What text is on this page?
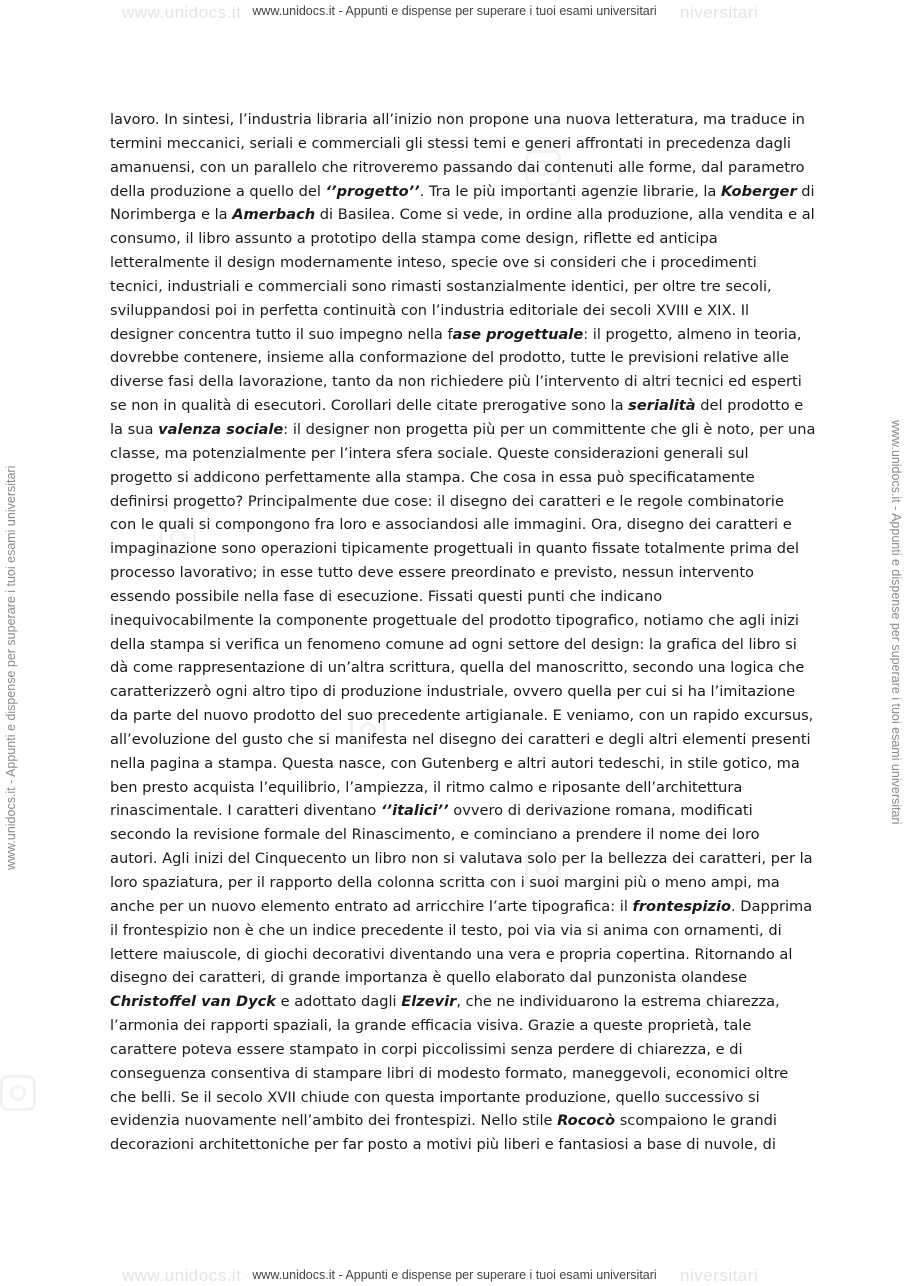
www.unidocs.it	niversitari
www.unidocs.it	niversitari
www.unidocs.it - Appunti e dispense per superare i tuoi esami universitari
www.unidocs.it - Appunti e dispense per superare i tuoi esami universitari
www.unidocs.it - Appunti e dispense per superare i tuoi esami universitari	www.unidocs.it - Appunti e dispense per superare i tuoi esami universitari
lavoro. In sintesi, l’industria libraria all’inizio non propone una nuova letteratura, ma traduce in
termini meccanici, seriali e commerciali gli stessi temi e generi affrontati in precedenza dagli
amanuensi, con un parallelo che ritroveremo passando dai contenuti alle forme, dal parametro
della produzione a quello del ‘’progetto’’. Tra le più importanti agenzie librarie, la Koberger di
Norimberga e la Amerbach di Basilea. Come si vede, in ordine alla produzione, alla vendita e al
consumo, il libro assunto a prototipo della stampa come design, riflette ed anticipa
letteralmente il design modernamente inteso, specie ove si consideri che i procedimenti
tecnici, industriali e commerciali sono rimasti sostanzialmente identici, per oltre tre secoli,
sviluppandosi poi in perfetta continuità con l’industria editoriale dei secoli XVIII e XIX. Il
designer concentra tutto il suo impegno nella fase progettuale: il progetto, almeno in teoria,
dovrebbe contenere, insieme alla conformazione del prodotto, tutte le previsioni relative alle
diverse fasi della lavorazione, tanto da non richiedere più l’intervento di altri tecnici ed esperti
se non in qualità di esecutori. Corollari delle citate prerogative sono la serialità del prodotto e
la sua valenza sociale: il designer non progetta più per un committente che gli è noto, per una
classe, ma potenzialmente per l’intera sfera sociale. Queste considerazioni generali sul
progetto si addicono perfettamente alla stampa. Che cosa in essa può specificatamente
definirsi progetto? Principalmente due cose: il disegno dei caratteri e le regole combinatorie
con le quali si compongono fra loro e associandosi alle immagini. Ora, disegno dei caratteri e
impaginazione sono operazioni tipicamente progettuali in quanto fissate totalmente prima del
processo lavorativo; in esse tutto deve essere preordinato e previsto, nessun intervento
essendo possibile nella fase di esecuzione. Fissati questi punti che indicano
inequivocabilmente la componente progettuale del prodotto tipografico, notiamo che agli inizi
della stampa si verifica un fenomeno comune ad ogni settore del design: la grafica del libro si
dà come rappresentazione di un’altra scrittura, quella del manoscritto, secondo una logica che
caratterizzerò ogni altro tipo di produzione industriale, ovvero quella per cui si ha l’imitazione
da parte del nuovo prodotto del suo precedente artigianale. E veniamo, con un rapido excursus,
all’evoluzione del gusto che si manifesta nel disegno dei caratteri e degli altri elementi presenti
nella pagina a stampa. Questa nasce, con Gutenberg e altri autori tedeschi, in stile gotico, ma
ben presto acquista l’equilibrio, l’ampiezza, il ritmo calmo e riposante dell’architettura
rinascimentale. I caratteri diventano ‘’italici’’ ovvero di derivazione romana, modificati
secondo la revisione formale del Rinascimento, e cominciano a prendere il nome dei loro
autori. Agli inizi del Cinquecento un libro non si valutava solo per la bellezza dei caratteri, per la
loro spaziatura, per il rapporto della colonna scritta con i suoi margini più o meno ampi, ma
anche per un nuovo elemento entrato ad arricchire l’arte tipografica: il frontespizio. Dapprima
il frontespizio non è che un indice precedente il testo, poi via via si anima con ornamenti, di
lettere maiuscole, di giochi decorativi diventando una vera e propria copertina. Ritornando al
disegno dei caratteri, di grande importanza è quello elaborato dal punzonista olandese
Christoffel van Dyck e adottato dagli Elzevir, che ne individuarono la estrema chiarezza,
l’armonia dei rapporti spaziali, la grande efficacia visiva. Grazie a queste proprietà, tale
carattere poteva essere stampato in corpi piccolissimi senza perdere di chiarezza, e di
conseguenza consentiva di stampare libri di modesto formato, maneggevoli, economici oltre
che belli. Se il secolo XVII chiude con questa importante produzione, quello successivo si
evidenzia nuovamente nell’ambito dei frontespizi. Nello stile Rococò scompaiono le grandi
decorazioni architettoniche per far posto a motivi più liberi e fantasiosi a base di nuvole, di
